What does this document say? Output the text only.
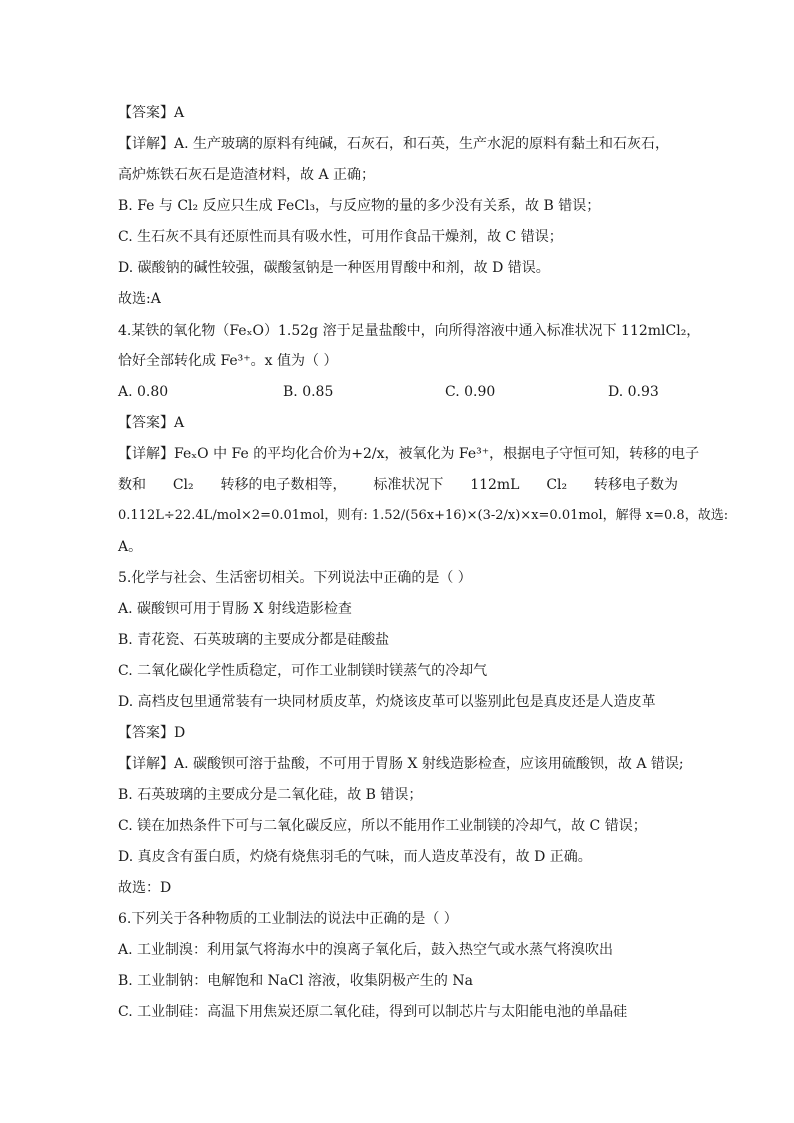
【答案】A
【详解】A. 生产玻璃的原料有纯碱，石灰石，和石英，生产水泥的原料有黏土和石灰石，
高炉炼铁石灰石是造渣材料，故 A 正确；
B. Fe 与 Cl₂ 反应只生成 FeCl₃，与反应物的量的多少没有关系，故 B 错误；
C. 生石灰不具有还原性而具有吸水性，可用作食品干燥剂，故 C 错误；
D. 碳酸钠的碱性较强，碳酸氢钠是一种医用胃酸中和剂，故 D 错误。
故选:A
4.某铁的氧化物（FeₓO）1.52g 溶于足量盐酸中，向所得溶液中通入标准状况下 112mlCl₂，
恰好全部转化成 Fe³⁺。x 值为（ ）
A. 0.80	B. 0.85	C. 0.90	D. 0.93
【答案】A
【详解】FeₓO 中 Fe 的平均化合价为+2/x，被氧化为 Fe³⁺，根据电子守恒可知，转移的电子
数和 Cl₂ 转移的电子数相等， 标准状况下 112mL Cl₂ 转移电子数为
0.112L÷22.4L/mol×2=0.01mol，则有: 1.52/(56x+16)×(3-2/x)×x=0.01mol，解得 x=0.8，故选:
A。
5.化学与社会、生活密切相关。下列说法中正确的是（ ）
A. 碳酸钡可用于胃肠 X 射线造影检查
B. 青花瓷、石英玻璃的主要成分都是硅酸盐
C. 二氧化碳化学性质稳定，可作工业制镁时镁蒸气的冷却气
D. 高档皮包里通常装有一块同材质皮革，灼烧该皮革可以鉴别此包是真皮还是人造皮革
【答案】D
【详解】A. 碳酸钡可溶于盐酸，不可用于胃肠 X 射线造影检查，应该用硫酸钡，故 A 错误;
B. 石英玻璃的主要成分是二氧化硅，故 B 错误；
C. 镁在加热条件下可与二氧化碳反应，所以不能用作工业制镁的冷却气，故 C 错误；
D. 真皮含有蛋白质，灼烧有烧焦羽毛的气味，而人造皮革没有，故 D 正确。
故选：D
6.下列关于各种物质的工业制法的说法中正确的是（ ）
A. 工业制溴：利用氯气将海水中的溴离子氧化后，鼓入热空气或水蒸气将溴吹出
B. 工业制钠：电解饱和 NaCl 溶液，收集阴极产生的 Na
C. 工业制硅：高温下用焦炭还原二氧化硅，得到可以制芯片与太阳能电池的单晶硅
